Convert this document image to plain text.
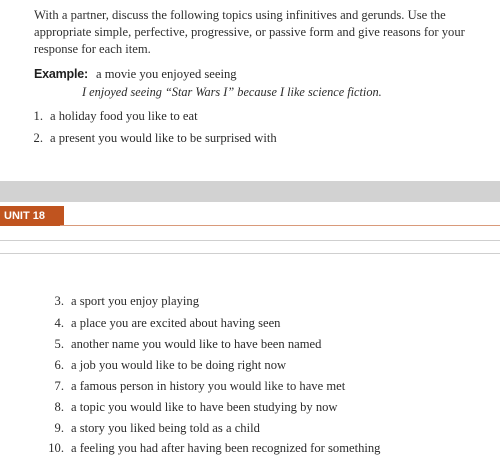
With a partner, discuss the following topics using infinitives and gerunds. Use the appropriate simple, perfective, progressive, or passive form and give reasons for your response for each item.
Example: a movie you enjoyed seeing
I enjoyed seeing “Star Wars I” because I like science fiction.
1. a holiday food you like to eat
2. a present you would like to be surprised with
UNIT 18
3. a sport you enjoy playing
4. a place you are excited about having seen
5. another name you would like to have been named
6. a job you would like to be doing right now
7. a famous person in history you would like to have met
8. a topic you would like to have been studying by now
9. a story you liked being told as a child
10. a feeling you had after having been recognized for something
